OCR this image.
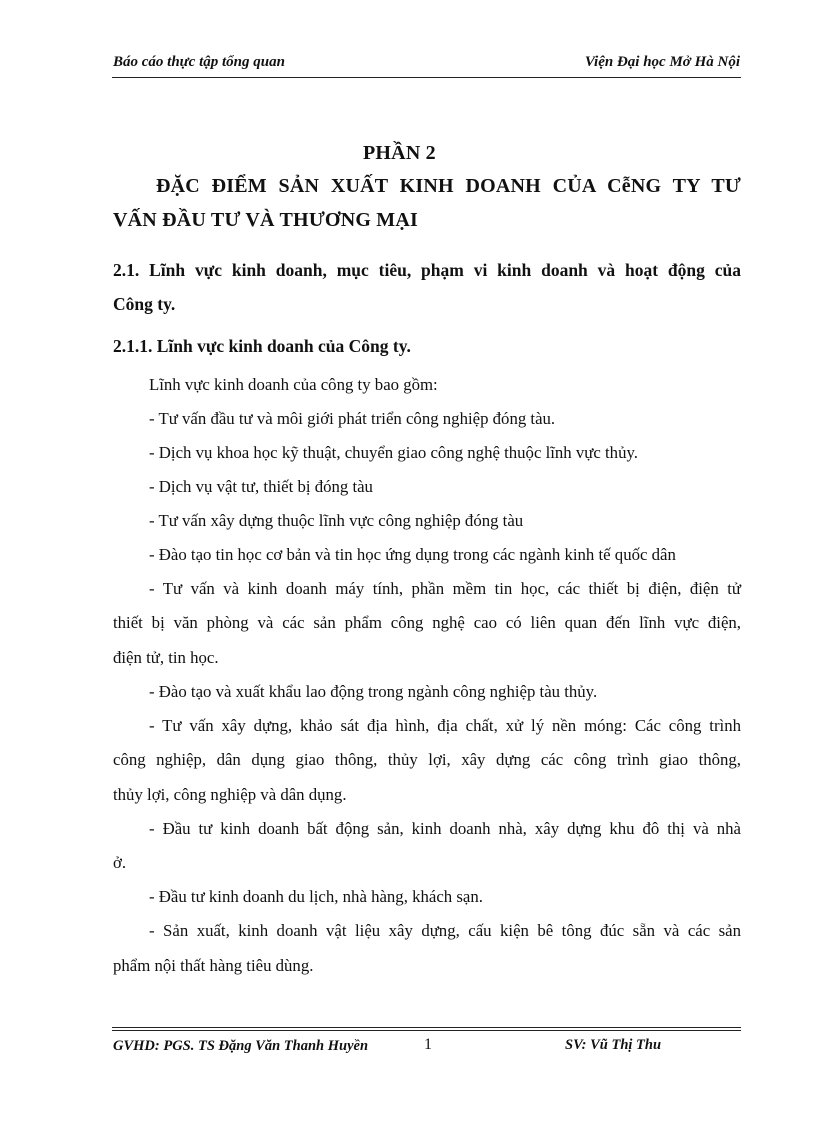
Báo cáo thực tập tổng quan	Viện Đại học Mở Hà Nội
PHẦN 2
ĐẶC ĐIỂM SẢN XUẤT KINH DOANH CỦA CễNG TY TƯ
VẤN ĐẦU TƯ VÀ THƯƠNG MẠI
2.1. Lĩnh vực kinh doanh, mục tiêu, phạm vi kinh doanh và hoạt động của
Công ty.
2.1.1. Lĩnh vực kinh doanh của Công ty.
Lĩnh vực kinh doanh của công ty bao gồm:
- Tư vấn đầu tư và môi giới phát triển công nghiệp đóng tàu.
- Dịch vụ khoa học kỹ thuật, chuyển giao công nghệ thuộc lĩnh vực thủy.
- Dịch vụ vật tư, thiết bị đóng tàu
- Tư vấn xây dựng thuộc lĩnh vực công nghiệp đóng tàu
- Đào tạo tin học cơ bản và tin học ứng dụng trong các ngành kinh tế quốc dân
- Tư vấn và kinh doanh máy tính, phần mềm tin học, các thiết bị điện, điện tử
thiết bị văn phòng và các sản phẩm công nghệ cao có liên quan đến lĩnh vực điện,
điện tử, tin học.
- Đào tạo và xuất khẩu lao động trong ngành công nghiệp tàu thủy.
- Tư vấn xây dựng, khảo sát địa hình, địa chất, xử lý nền móng: Các công trình
công nghiệp, dân dụng giao thông, thủy lợi, xây dựng các công trình giao thông,
thủy lợi, công nghiệp và dân dụng.
- Đầu tư kinh doanh bất động sản, kinh doanh nhà, xây dựng khu đô thị và nhà
ở.
- Đầu tư kinh doanh du lịch, nhà hàng, khách sạn.
- Sản xuất, kinh doanh vật liệu xây dựng, cấu kiện bê tông đúc sẵn và các sản
phẩm nội thất hàng tiêu dùng.
GVHD: PGS. TS Đặng Văn Thanh Huyền	1	SV: Vũ Thị Thu
